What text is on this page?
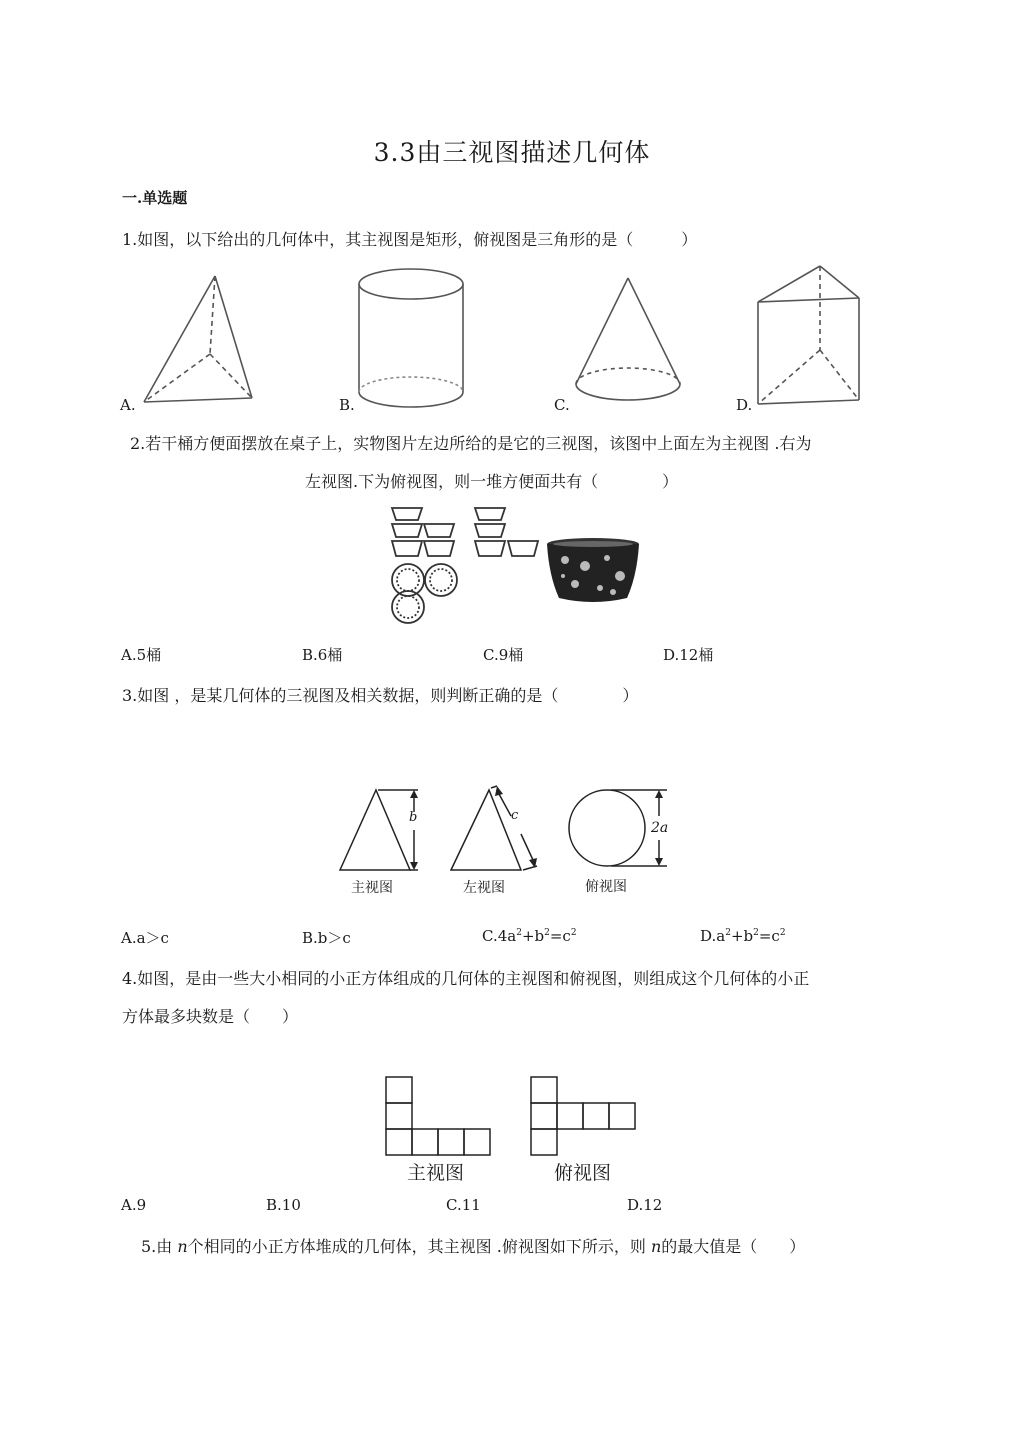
3.3由三视图描述几何体
一.单选题
1.如图，以下给出的几何体中，其主视图是矩形，俯视图是三角形的是（　　　）
A.	B.	C.	D.
2.若干桶方便面摆放在桌子上，实物图片左边所给的是它的三视图，该图中上面左为主视图 .右为
左视图.下为俯视图，则一堆方便面共有（　　　　）
A.5桶	B.6桶	C.9桶	D.12桶
3.如图 ，是某几何体的三视图及相关数据，则判断正确的是（　　　　）
b
主视图
c
左视图
2a
俯视图
A.a＞c	B.b＞c	$C.4a^2+b^2=c^2$	$D.a^2+b^2=c^2$
4.如图，是由一些大小相同的小正方体组成的几何体的主视图和俯视图，则组成这个几何体的小正
方体最多块数是（　　）
主视图	俯视图
A.9	B.10	C.11	D.12
5.由 n个相同的小正方体堆成的几何体，其主视图 .俯视图如下所示，则 n的最大值是（　　）
